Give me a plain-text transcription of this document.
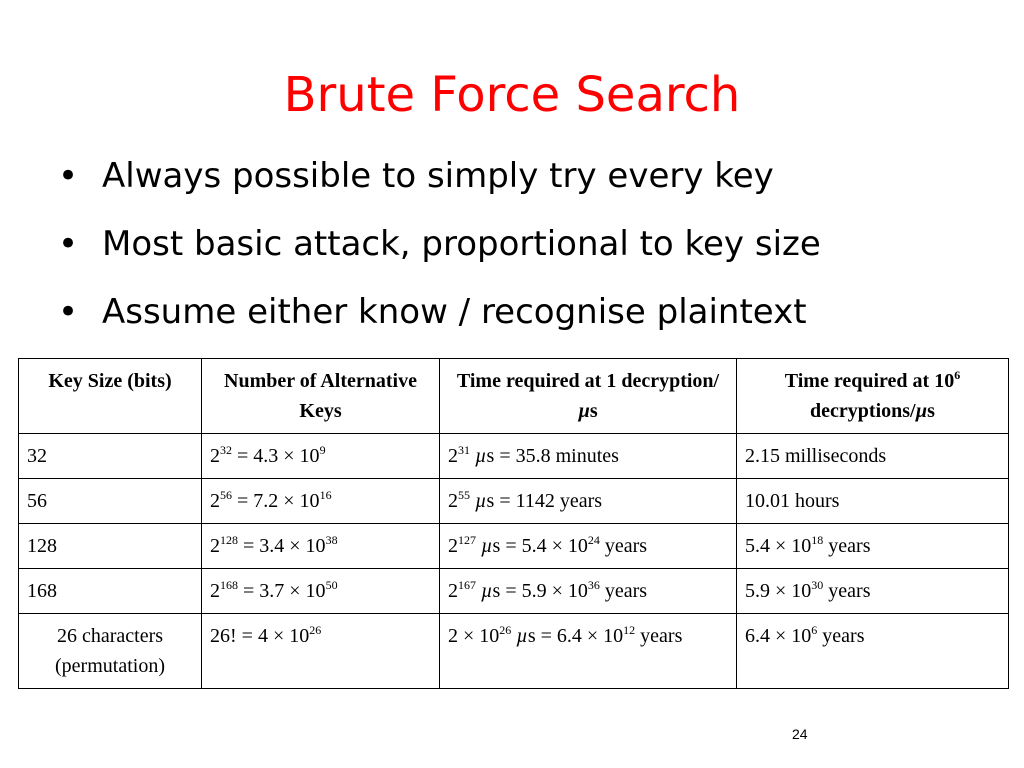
Brute Force Search
• Always possible to simply try every key
• Most basic attack, proportional to key size
• Assume either know / recognise plaintext
Key Size (bits)	Number of Alternative Keys	Time required at 1 decryption/µs	Time required at $10^6$ decryptions/µs
32	$2^{32} = 4.3 \times 10^9$	$2^{31}$ µs = 35.8 minutes	2.15 milliseconds
56	$2^{56} = 7.2 \times 10^{16}$	$2^{55}$ µs = 1142 years	10.01 hours
128	$2^{128} = 3.4 \times 10^{38}$	$2^{127}$ $\mu s = 5.4 \times 10^{24}$ years	$5.4 \times 10^{18}$ years
168	$2^{168} = 3.7 \times 10^{50}$	$2^{167}$ $\mu s = 5.9 \times 10^{36}$ years	$5.9 \times 10^{30}$ years
26 characters (permutation)	26! = $4 \times 10^{26}$	$2 \times 10^{26}$ $\mu s = 6.4 \times 10^{12}$ years	$6.4 \times 10^6$ years
24
